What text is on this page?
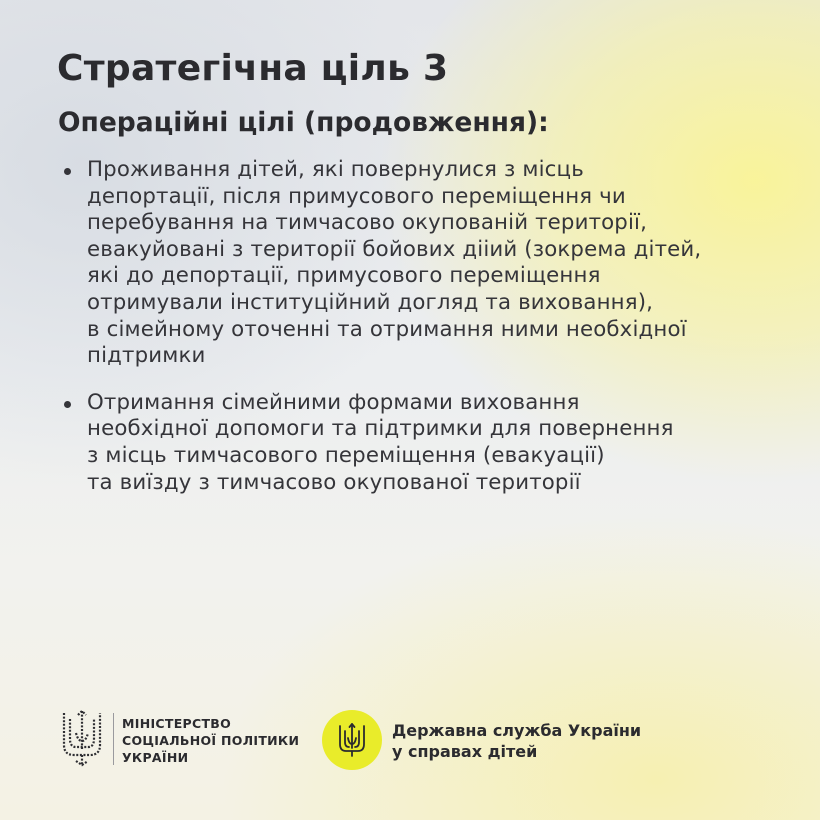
Стратегічна ціль 3
Операційні цілі (продовження):
Проживання дітей, які повернулися з місць
депортації, після примусового переміщення чи
перебування на тимчасово окупованій території,
евакуйовані з території бойових дііий (зокрема дітей,
які до депортації, примусового переміщення
отримували інституційний догляд та виховання),
в сімейному оточенні та отримання ними необхідної
підтримки
Отримання сімейними формами виховання
необхідної допомоги та підтримки для повернення
з місць тимчасового переміщення (евакуації)
та виїзду з тимчасово окупованої території
МІНІСТЕРСТВО
СОЦІАЛЬНОЇ ПОЛІТИКИ
УКРАЇНИ
Державна служба України
у справах дітей
